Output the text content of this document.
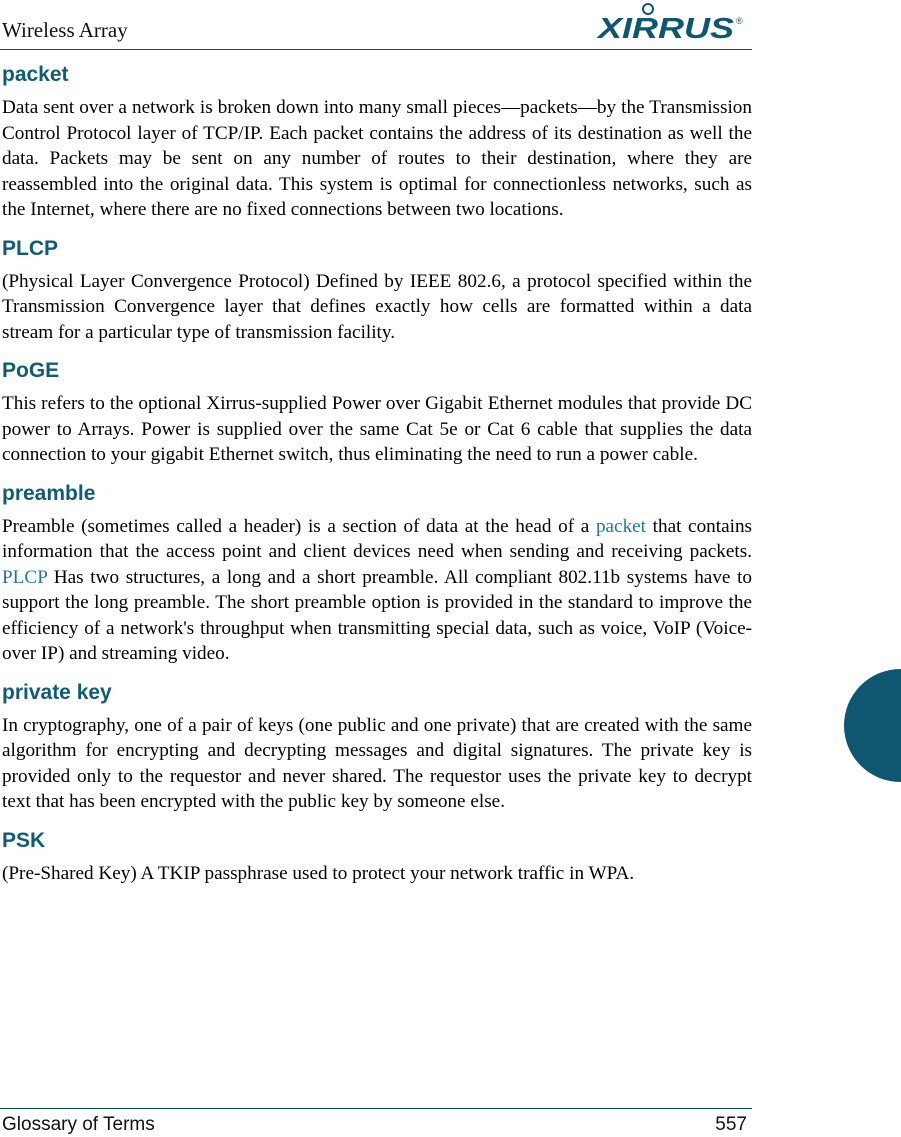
Wireless Array	XIRRUS ®
packet

Data sent over a network is broken down into many small pieces—packets—by the Transmission Control Protocol layer of TCP/IP. Each packet contains the address of its destination as well the data. Packets may be sent on any number of routes to their destination, where they are reassembled into the original data. This system is optimal for connectionless networks, such as the Internet, where there are no fixed connections between two locations.

PLCP

(Physical Layer Convergence Protocol) Defined by IEEE 802.6, a protocol specified within the Transmission Convergence layer that defines exactly how cells are formatted within a data stream for a particular type of transmission facility.

PoGE

This refers to the optional Xirrus-supplied Power over Gigabit Ethernet modules that provide DC power to Arrays. Power is supplied over the same Cat 5e or Cat 6 cable that supplies the data connection to your gigabit Ethernet switch, thus eliminating the need to run a power cable.

preamble

Preamble (sometimes called a header) is a section of data at the head of a packet that contains information that the access point and client devices need when sending and receiving packets. PLCP Has two structures, a long and a short preamble. All compliant 802.11b systems have to support the long preamble. The short preamble option is provided in the standard to improve the efficiency of a network's throughput when transmitting special data, such as voice, VoIP (Voice-over IP) and streaming video.

private key

In cryptography, one of a pair of keys (one public and one private) that are created with the same algorithm for encrypting and decrypting messages and digital signatures. The private key is provided only to the requestor and never shared. The requestor uses the private key to decrypt text that has been encrypted with the public key by someone else.

PSK

(Pre-Shared Key) A TKIP passphrase used to protect your network traffic in WPA.

Glossary of Terms	557
